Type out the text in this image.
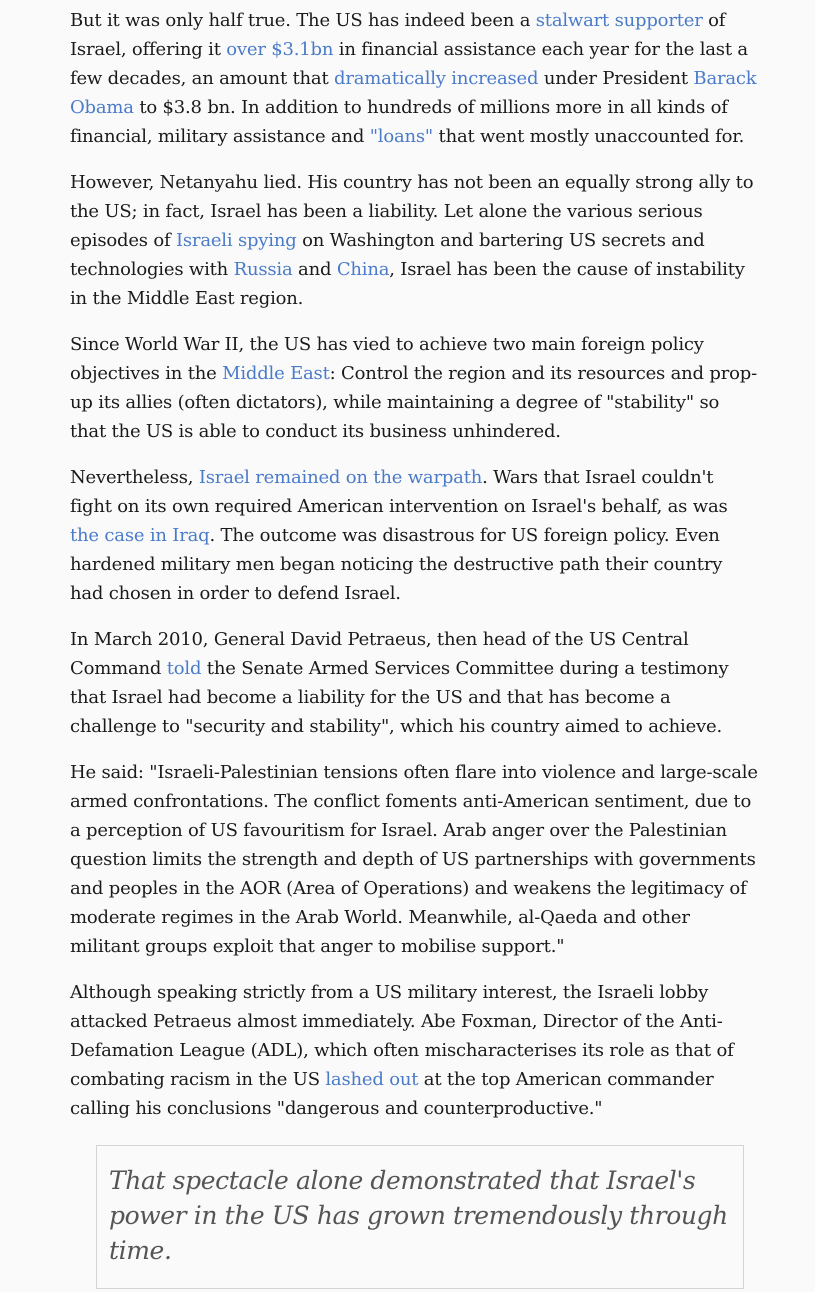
But it was only half true. The US has indeed been a stalwart supporter of Israel, offering it over $3.1bn in financial assistance each year for the last a few decades, an amount that dramatically increased under President Barack Obama to $3.8 bn. In addition to hundreds of millions more in all kinds of financial, military assistance and "loans" that went mostly unaccounted for.

However, Netanyahu lied. His country has not been an equally strong ally to the US; in fact, Israel has been a liability. Let alone the various serious episodes of Israeli spying on Washington and bartering US secrets and technologies with Russia and China, Israel has been the cause of instability in the Middle East region.

Since World War II, the US has vied to achieve two main foreign policy objectives in the Middle East: Control the region and its resources and prop-up its allies (often dictators), while maintaining a degree of "stability" so that the US is able to conduct its business unhindered.

Nevertheless, Israel remained on the warpath. Wars that Israel couldn't fight on its own required American intervention on Israel's behalf, as was the case in Iraq. The outcome was disastrous for US foreign policy. Even hardened military men began noticing the destructive path their country had chosen in order to defend Israel.

In March 2010, General David Petraeus, then head of the US Central Command told the Senate Armed Services Committee during a testimony that Israel had become a liability for the US and that has become a challenge to "security and stability", which his country aimed to achieve.

He said: "Israeli-Palestinian tensions often flare into violence and large-scale armed confrontations. The conflict foments anti-American sentiment, due to a perception of US favouritism for Israel. Arab anger over the Palestinian question limits the strength and depth of US partnerships with governments and peoples in the AOR (Area of Operations) and weakens the legitimacy of moderate regimes in the Arab World. Meanwhile, al-Qaeda and other militant groups exploit that anger to mobilise support."

Although speaking strictly from a US military interest, the Israeli lobby attacked Petraeus almost immediately. Abe Foxman, Director of the Anti-Defamation League (ADL), which often mischaracterises its role as that of combating racism in the US lashed out at the top American commander calling his conclusions "dangerous and counterproductive."

That spectacle alone demonstrated that Israel's power in the US has grown tremendously through time.
